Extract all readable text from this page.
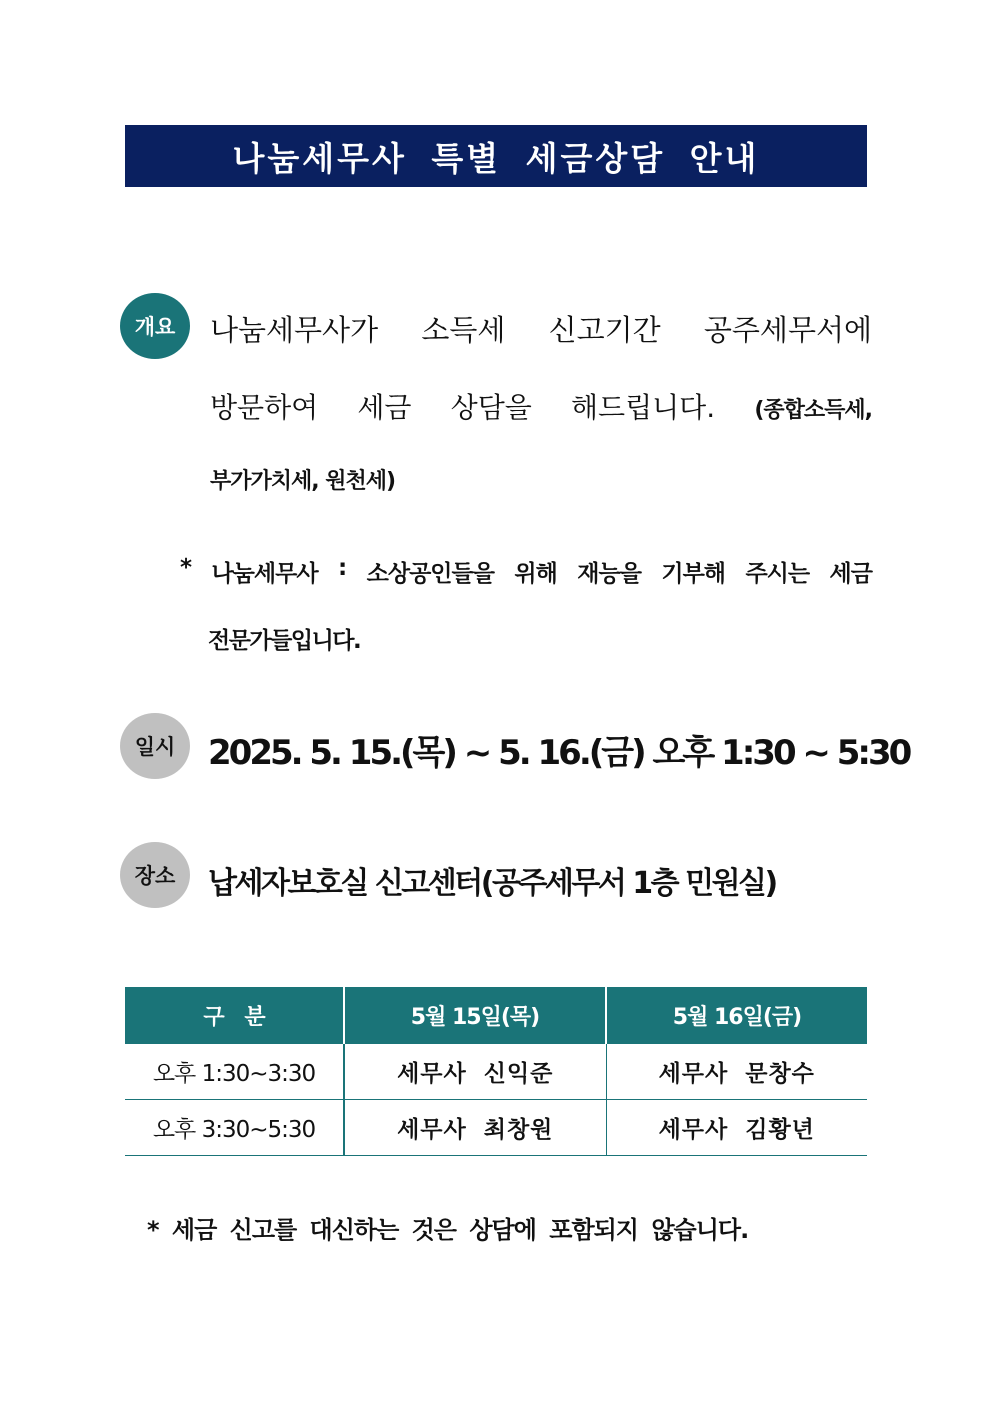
나눔세무사 특별 세금상담 안내
개요	나눔세무사가 소득세 신고기간 공주세무서에
방문하여 세금 상담을 해드립니다. (종합소득세,
부가가치세, 원천세)
* 나눔세무사 : 소상공인들을 위해 재능을 기부해 주시는 세금
전문가들입니다.
일시 2025. 5. 15.(목) ~ 5. 16.(금) 오후 1:30 ~ 5:30
장소	납세자보호실 신고센터(공주세무서 1층 민원실)
구 분	5월 15일(목)	5월 16일(금)
오후 1:30~3:30	세무사 신익준	세무사 문창수
오후 3:30~5:30	세무사 최창원	세무사 김황년
* 세금 신고를 대신하는 것은 상담에 포함되지 않습니다.
